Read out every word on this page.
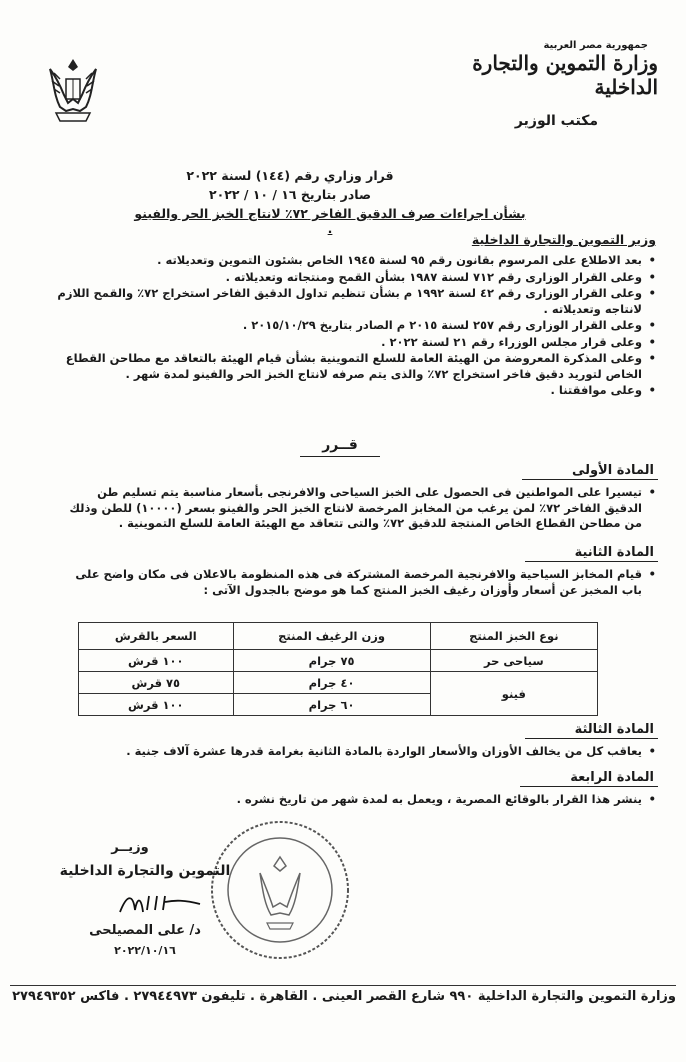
جمهورية مصر العربية
وزارة التموين والتجارة الداخلية
مكتب الوزير
قرار وزاري رقم (١٤٤) لسنة ٢٠٢٢
صادر بتاريخ ١٦ / ١٠ / ٢٠٢٢
بشأن اجراءات صرف الدقيق الفاخر ٧٢٪ لانتاج الخبز الحر والفينو .
وزير التموين والتجارة الداخلية
• بعد الاطلاع على المرسوم بقانون رقم ٩٥ لسنة ١٩٤٥ الخاص بشئون التموين وتعديلاته .
• وعلى القرار الوزارى رقم ٧١٢ لسنة ١٩٨٧ بشأن القمح ومنتجاته وتعديلاته .
• وعلى القرار الوزارى رقم ٤٢ لسنة ١٩٩٢ م بشأن تنظيم تداول الدقيق الفاخر استخراج ٧٢٪ والقمح اللازم لانتاجه وتعديلاته .
• وعلى القرار الوزارى رقم ٢٥٧ لسنة ٢٠١٥ م الصادر بتاريخ ٢٠١٥/١٠/٢٩ .
• وعلى قرار مجلس الوزراء رقم ٢١ لسنة ٢٠٢٢ .
• وعلى المذكرة المعروضة من الهيئة العامة للسلع التموينية بشأن قيام الهيئة بالتعاقد مع مطاحن القطاع الخاص لتوريد دقيق فاخر استخراج ٧٢٪ والذى يتم صرفه لانتاج الخبز الحر والفينو لمدة شهر .
• وعلى موافقتنا .
قــرر
المادة الأولى
• تيسيرا على المواطنين فى الحصول على الخبز السياحى والافرنجى بأسعار مناسبة يتم تسليم طن الدقيق الفاخر ٧٢٪ لمن يرغب من المخابز المرخصة لانتاج الخبز الحر والفينو بسعر (١٠٠٠٠) للطن وذلك من مطاحن القطاع الخاص المنتجة للدقيق ٧٢٪ والتى تتعاقد مع الهيئة العامة للسلع التموينية .
المادة الثانية
• قيام المخابز السياحية والافرنجية المرخصة المشتركة فى هذه المنظومة بالاعلان فى مكان واضح على باب المخبز عن أسعار وأوزان رغيف الخبز المنتج كما هو موضح بالجدول الآتى :
نوع الخبز المنتج	وزن الرغيف المنتج	السعر بالقرش
سياحى حر	٧٥ جرام	١٠٠ قرش
فينو	٤٠ جرام	٧٥ قرش
	٦٠ جرام	١٠٠ قرش
المادة الثالثة
• يعاقب كل من يخالف الأوزان والأسعار الواردة بالمادة الثانية بغرامة قدرها عشرة آلاف جنية .
المادة الرابعة
• ينشر هذا القرار بالوقائع المصرية ، ويعمل به لمدة شهر من تاريخ نشره .
وزيــر
التموين والتجارة الداخلية
د/ على المصيلحى
٢٠٢٢/١٠/١٦
وزارة التموين والتجارة الداخلية ٩٩٠ شارع القصر العينى . القاهرة . تليفون ٢٧٩٤٤٩٧٣ . فاكس ٢٧٩٤٩٣٥٢
